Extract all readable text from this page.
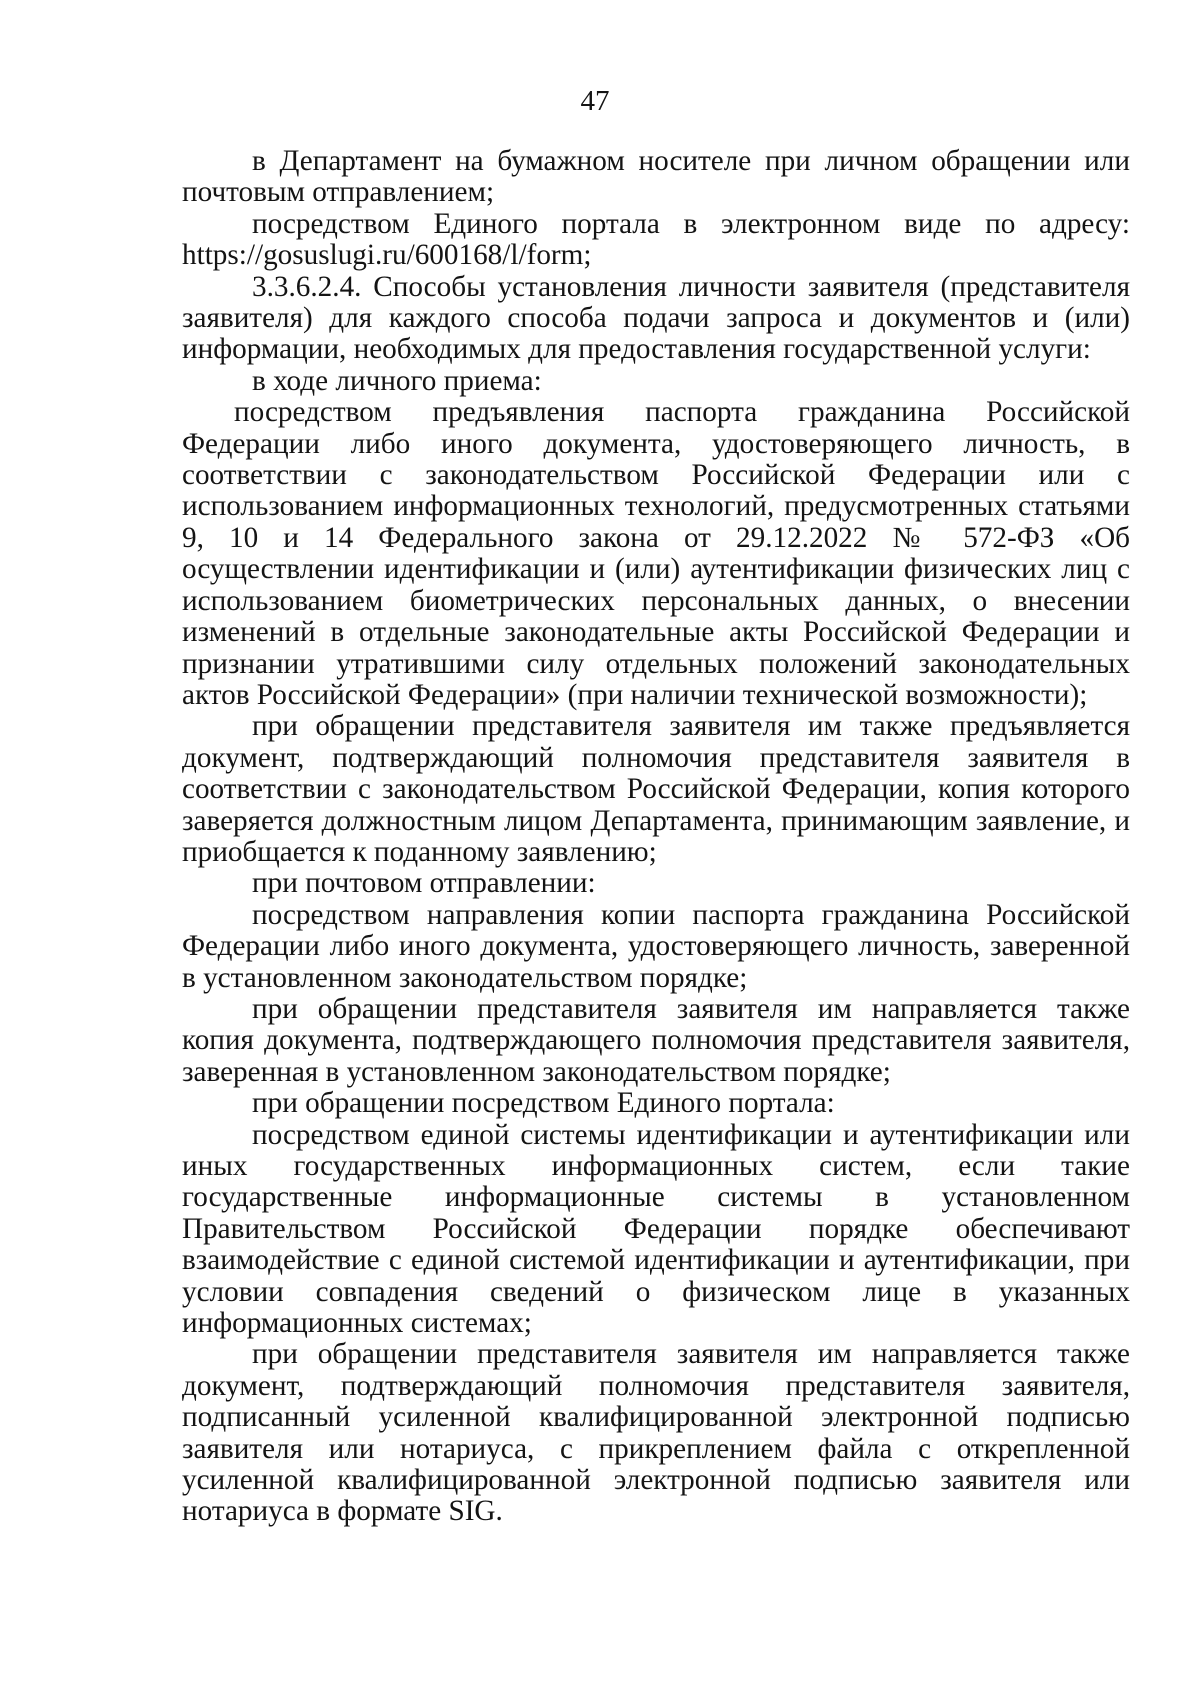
47

в Департамент на бумажном носителе при личном обращении или почтовым отправлением;

посредством Единого портала в электронном виде по адресу: https://gosuslugi.ru/600168/l/form;

3.3.6.2.4. Способы установления личности заявителя (представителя заявителя) для каждого способа подачи запроса и документов и (или) информации, необходимых для предоставления государственной услуги:

в ходе личного приема:

посредством предъявления паспорта гражданина Российской Федерации либо иного документа, удостоверяющего личность, в соответствии с законодательством Российской Федерации или с использованием информационных технологий, предусмотренных статьями 9, 10 и 14 Федерального закона от 29.12.2022 № 572-ФЗ «Об осуществлении идентификации и (или) аутентификации физических лиц с использованием биометрических персональных данных, о внесении изменений в отдельные законодательные акты Российской Федерации и признании утратившими силу отдельных положений законодательных актов Российской Федерации» (при наличии технической возможности);

при обращении представителя заявителя им также предъявляется документ, подтверждающий полномочия представителя заявителя в соответствии с законодательством Российской Федерации, копия которого заверяется должностным лицом Департамента, принимающим заявление, и приобщается к поданному заявлению;

при почтовом отправлении:

посредством направления копии паспорта гражданина Российской Федерации либо иного документа, удостоверяющего личность, заверенной в установленном законодательством порядке;

при обращении представителя заявителя им направляется также копия документа, подтверждающего полномочия представителя заявителя, заверенная в установленном законодательством порядке;

при обращении посредством Единого портала:

посредством единой системы идентификации и аутентификации или иных государственных информационных систем, если такие государственные информационные системы в установленном Правительством Российской Федерации порядке обеспечивают взаимодействие с единой системой идентификации и аутентификации, при условии совпадения сведений о физическом лице в указанных информационных системах;

при обращении представителя заявителя им направляется также документ, подтверждающий полномочия представителя заявителя, подписанный усиленной квалифицированной электронной подписью заявителя или нотариуса, с прикреплением файла с открепленной усиленной квалифицированной электронной подписью заявителя или нотариуса в формате SIG.
